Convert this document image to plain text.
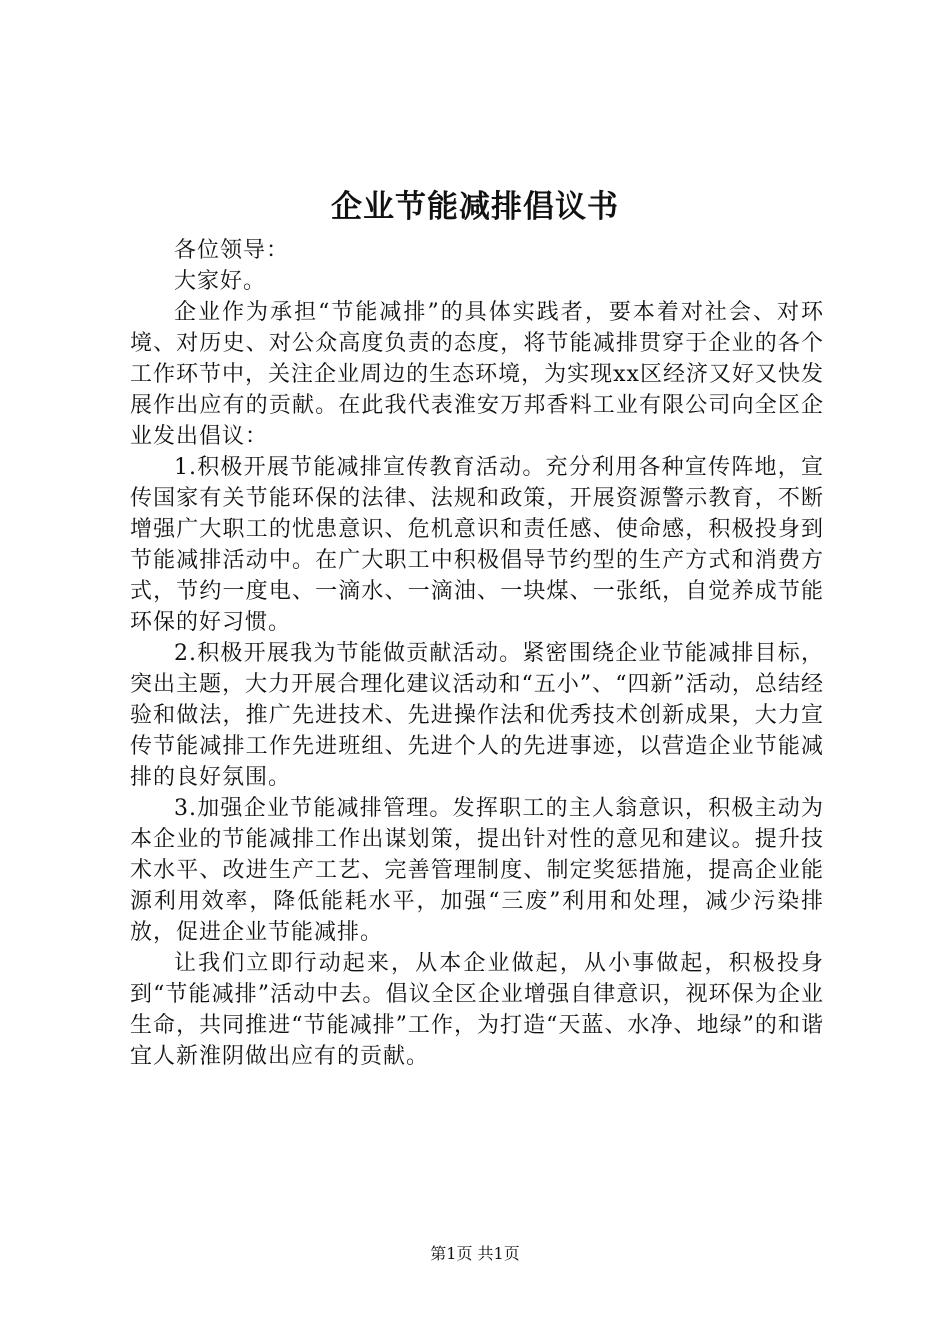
企业节能减排倡议书

各位领导：

大家好。

企业作为承担“节能减排”的具体实践者，要本着对社会、对环境、对历史、对公众高度负责的态度，将节能减排贯穿于企业的各个工作环节中，关注企业周边的生态环境，为实现xx区经济又好又快发展作出应有的贡献。在此我代表淮安万邦香料工业有限公司向全区企业发出倡议：

1.积极开展节能减排宣传教育活动。充分利用各种宣传阵地，宣传国家有关节能环保的法律、法规和政策，开展资源警示教育，不断增强广大职工的忧患意识、危机意识和责任感、使命感，积极投身到节能减排活动中。在广大职工中积极倡导节约型的生产方式和消费方式，节约一度电、一滴水、一滴油、一块煤、一张纸，自觉养成节能环保的好习惯。

2.积极开展我为节能做贡献活动。紧密围绕企业节能减排目标，突出主题，大力开展合理化建议活动和“五小”、“四新”活动，总结经验和做法，推广先进技术、先进操作法和优秀技术创新成果，大力宣传节能减排工作先进班组、先进个人的先进事迹，以营造企业节能减排的良好氛围。

3.加强企业节能减排管理。发挥职工的主人翁意识，积极主动为本企业的节能减排工作出谋划策，提出针对性的意见和建议。提升技术水平、改进生产工艺、完善管理制度、制定奖惩措施，提高企业能源利用效率，降低能耗水平，加强“三废”利用和处理，减少污染排放，促进企业节能减排。

让我们立即行动起来，从本企业做起，从小事做起，积极投身到“节能减排”活动中去。倡议全区企业增强自律意识，视环保为企业生命，共同推进“节能减排”工作，为打造“天蓝、水净、地绿”的和谐宜人新淮阴做出应有的贡献。

第1页 共1页
